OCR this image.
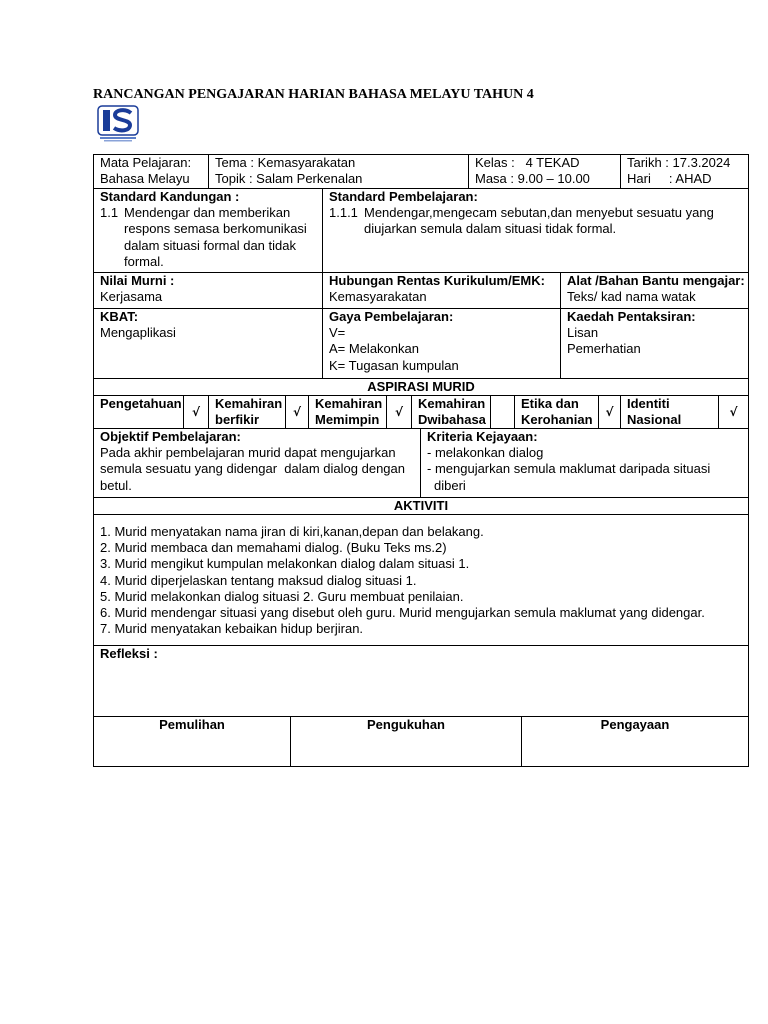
RANCANGAN PENGAJARAN HARIAN BAHASA MELAYU TAHUN 4
Mata Pelajaran:
Bahasa Melayu
Tema : Kemasyarakatan
Topik : Salam Perkenalan
Kelas :   4 TEKAD
Masa : 9.00 – 10.00
Tarikh : 17.3.2024
Hari     : AHAD
Standard Kandungan :
1.1 Mendengar dan memberikan
respons semasa berkomunikasi
dalam situasi formal dan tidak
formal.
Standard Pembelajaran:
1.1.1 Mendengar,mengecam sebutan,dan menyebut sesuatu yang
diujarkan semula dalam situasi tidak formal.
Nilai Murni :
Kerjasama
Hubungan Rentas Kurikulum/EMK:
Kemasyarakatan
Alat /Bahan Bantu mengajar:
Teks/ kad nama watak
KBAT:
Mengaplikasi
Gaya Pembelajaran:
V=
A= Melakonkan
K= Tugasan kumpulan
Kaedah Pentaksiran:
Lisan
Pemerhatian
ASPIRASI MURID
Pengetahuan
√
Kemahiran
berfikir
√
Kemahiran
Memimpin
√
Kemahiran
Dwibahasa
Etika dan
Kerohanian
√
Identiti
Nasional
√
Objektif Pembelajaran:
Pada akhir pembelajaran murid dapat mengujarkan
semula sesuatu yang didengar  dalam dialog dengan
betul.
Kriteria Kejayaan:
- melakonkan dialog
- mengujarkan semula maklumat daripada situasi
diberi
AKTIVITI
1. Murid menyatakan nama jiran di kiri,kanan,depan dan belakang.
2. Murid membaca dan memahami dialog. (Buku Teks ms.2)
3. Murid mengikut kumpulan melakonkan dialog dalam situasi 1.
4. Murid diperjelaskan tentang maksud dialog situasi 1.
5. Murid melakonkan dialog situasi 2. Guru membuat penilaian.
6. Murid mendengar situasi yang disebut oleh guru. Murid mengujarkan semula maklumat yang didengar.
7. Murid menyatakan kebaikan hidup berjiran.
Refleksi :
Pemulihan	Pengukuhan	Pengayaan
